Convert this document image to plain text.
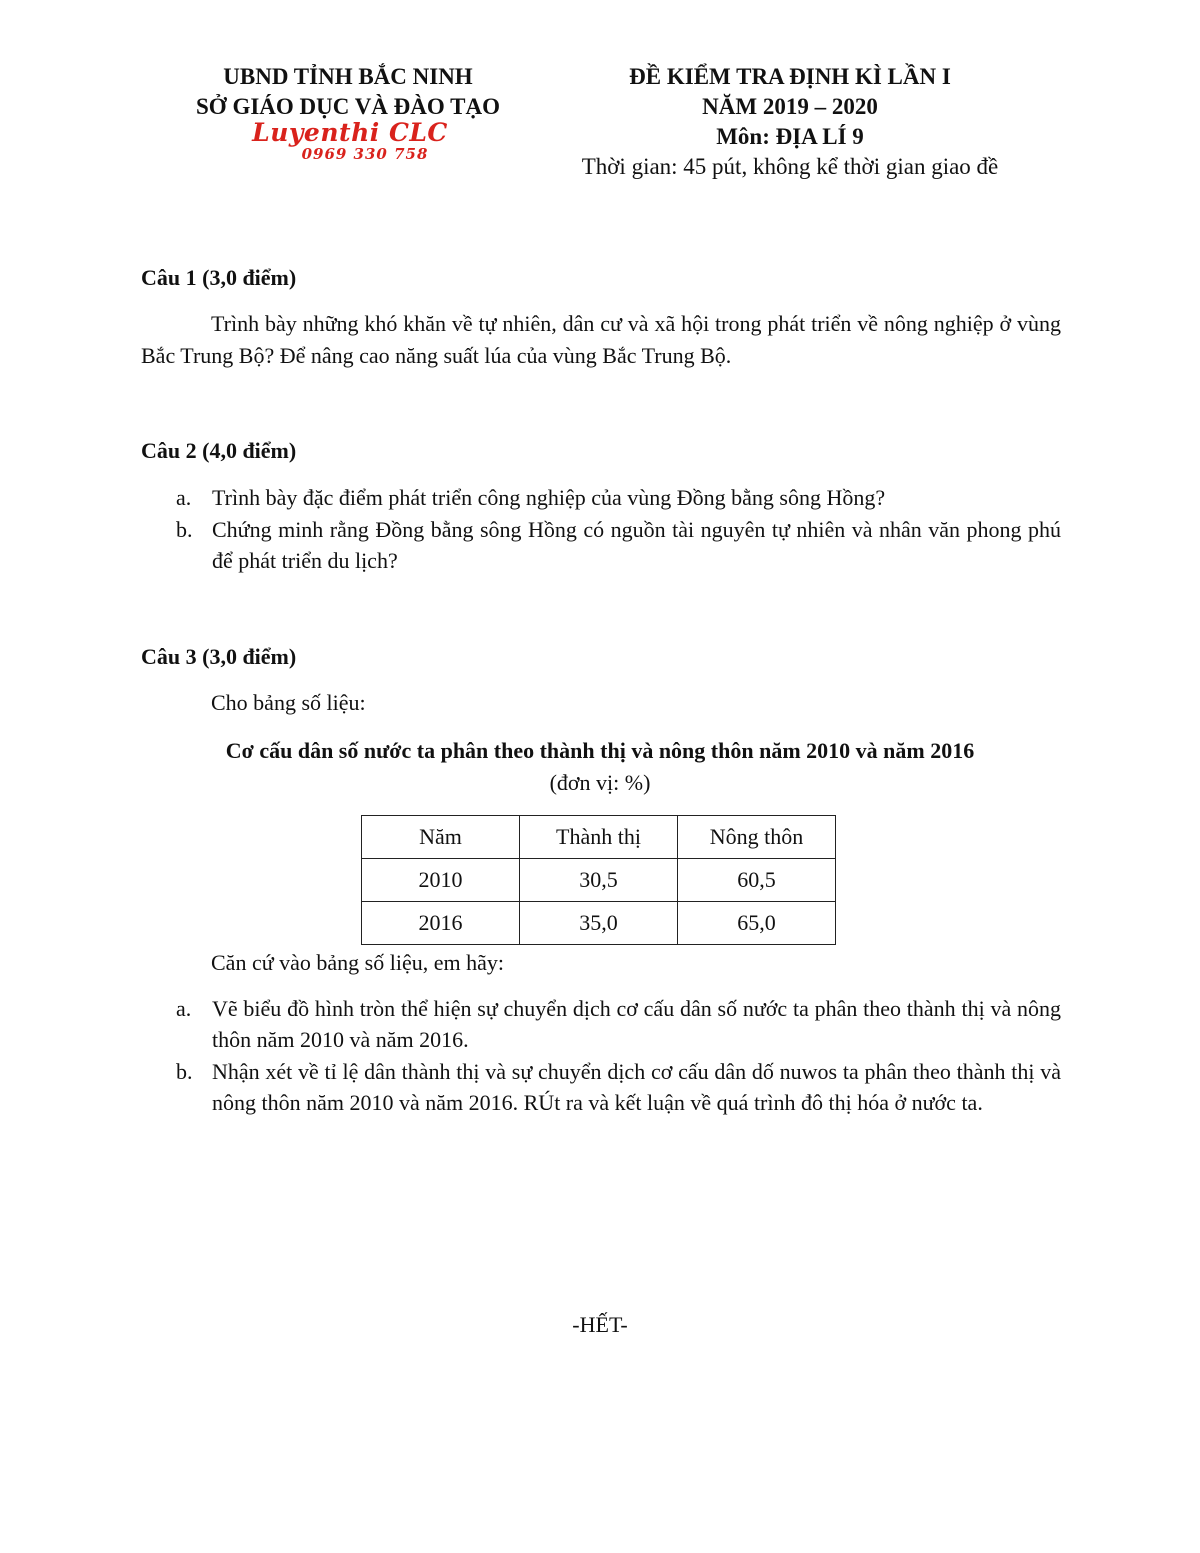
UBND TỈNH BẮC NINH
SỞ GIÁO DỤC VÀ ĐÀO TẠO
Luyenthi CLC
0969 330 758
ĐỀ KIỂM TRA ĐỊNH KÌ LẦN I
NĂM 2019 – 2020
Môn: ĐỊA LÍ 9
Thời gian: 45 pút, không kể thời gian giao đề
Câu 1 (3,0 điểm)
Trình bày những khó khăn về tự nhiên, dân cư và xã hội trong phát triển về nông nghiệp ở vùng Bắc Trung Bộ? Để nâng cao năng suất lúa của vùng Bắc Trung Bộ.
Câu 2 (4,0 điểm)
a. Trình bày đặc điểm phát triển công nghiệp của vùng Đồng bằng sông Hồng?
b. Chứng minh rằng Đồng bằng sông Hồng có nguồn tài nguyên tự nhiên và nhân văn phong phú để phát triển du lịch?
Câu 3 (3,0 điểm)
Cho bảng số liệu:
Cơ cấu dân số nước ta phân theo thành thị và nông thôn năm 2010 và năm 2016
(đơn vị: %)
Năm	Thành thị	Nông thôn
2010	30,5	60,5
2016	35,0	65,0
Căn cứ vào bảng số liệu, em hãy:
a. Vẽ biểu đồ hình tròn thể hiện sự chuyển dịch cơ cấu dân số nước ta phân theo thành thị và nông thôn năm 2010 và năm 2016.
b. Nhận xét về tỉ lệ dân thành thị và sự chuyển dịch cơ cấu dân dố nuwos ta phân theo thành thị và nông thôn năm 2010 và năm 2016. RÚt ra và kết luận về quá trình đô thị hóa ở nước ta.
-HẾT-
